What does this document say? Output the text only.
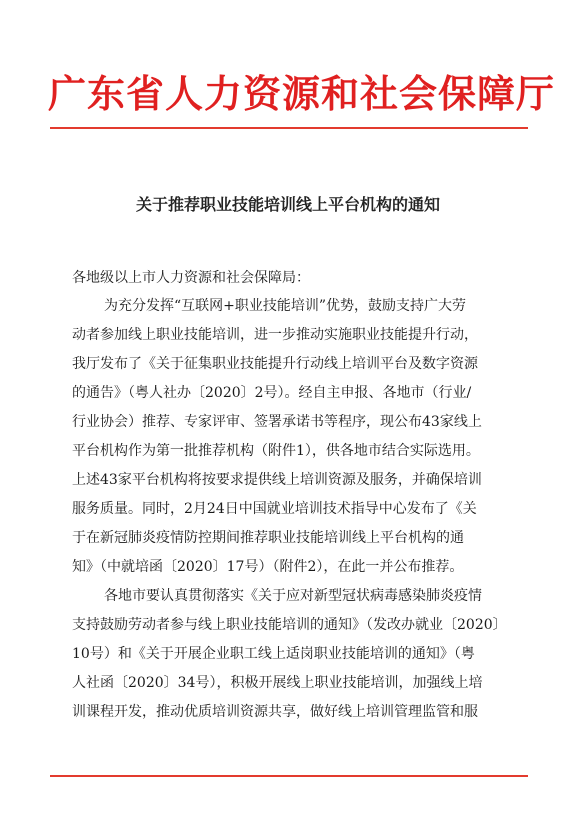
广东省人力资源和社会保障厅
关于推荐职业技能培训线上平台机构的通知
各地级以上市人力资源和社会保障局：
为充分发挥“互联网+职业技能培训”优势，鼓励支持广大劳
动者参加线上职业技能培训，进一步推动实施职业技能提升行动，
我厅发布了《关于征集职业技能提升行动线上培训平台及数字资源
的通告》（粤人社办〔2020〕2号）。经自主申报、各地市（行业/
行业协会）推荐、专家评审、签署承诺书等程序，现公布43家线上
平台机构作为第一批推荐机构（附件1），供各地市结合实际选用。
上述43家平台机构将按要求提供线上培训资源及服务，并确保培训
服务质量。同时，2月24日中国就业培训技术指导中心发布了《关
于在新冠肺炎疫情防控期间推荐职业技能培训线上平台机构的通
知》（中就培函〔2020〕17号）（附件2），在此一并公布推荐。
各地市要认真贯彻落实《关于应对新型冠状病毒感染肺炎疫情
支持鼓励劳动者参与线上职业技能培训的通知》（发改办就业〔2020〕
10号）和《关于开展企业职工线上适岗职业技能培训的通知》（粤
人社函〔2020〕34号），积极开展线上职业技能培训，加强线上培
训课程开发，推动优质培训资源共享，做好线上培训管理监管和服
